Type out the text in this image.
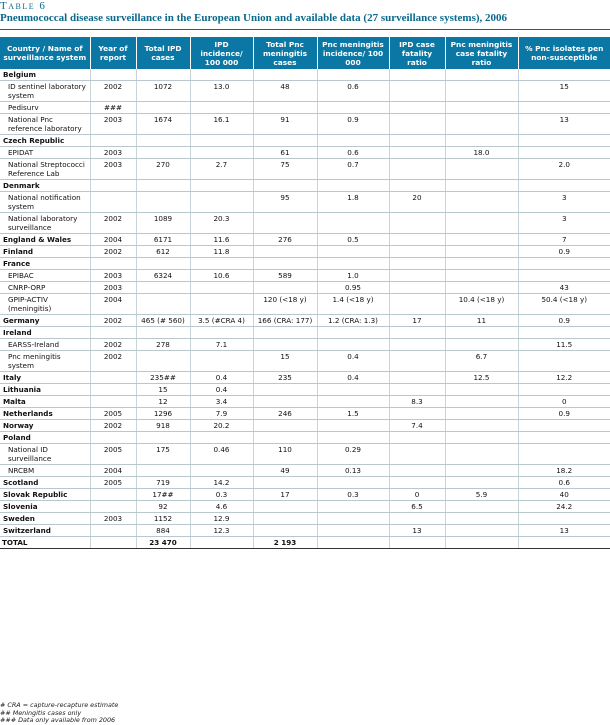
Table 6
Pneumococcal disease surveillance in the European Union and available data (27 surveillance systems), 2006
Country / Name of surveillance system	Year of report	Total IPD cases	IPD incidence/ 100 000	Total Pnc meningitis cases	Pnc meningitis incidence/ 100 000	IPD case fatality ratio	Pnc meningitis case fatality ratio	% Pnc isolates pen non-susceptible
Belgium								
ID sentinel laboratory system	2002	1072	13.0	48	0.6			15
Pedisurv	###							
National Pnc reference laboratory	2003	1674	16.1	91	0.9			13
Czech Republic								
EPIDAT	2003			61	0.6		18.0	
National Streptococci Reference Lab	2003	270	2.7	75	0.7			2.0
Denmark								
National notification system				95	1.8	20		3
National laboratory surveillance	2002	1089	20.3					3
England & Wales	2004	6171	11.6	276	0.5			7
Finland	2002	612	11.8					0.9
France								
EPIBAC	2003	6324	10.6	589	1.0			
CNRP-ORP	2003				0.95			43
GPIP-ACTIV (meningitis)	2004			120 (<18 y)	1.4 (<18 y)		10.4 (<18 y)	50.4 (<18 y)
Germany	2002	465 (# 560)	3.5 (#CRA 4)	166 (CRA: 177)	1.2 (CRA: 1.3)	17	11	0.9
Ireland								
EARSS-Ireland	2002	278	7.1					11.5
Pnc meningitis system	2002			15	0.4		6.7	
Italy		235##	0.4	235	0.4		12.5	12.2
Lithuania		15	0.4					
Malta		12	3.4			8.3		0
Netherlands	2005	1296	7.9	246	1.5			0.9
Norway	2002	918	20.2			7.4		
Poland								
National ID surveillance	2005	175	0.46	110	0.29			
NRCBM	2004			49	0.13			18.2
Scotland	2005	719	14.2					0.6
Slovak Republic		17##	0.3	17	0.3	0	5.9	40
Slovenia		92	4.6			6.5		24.2
Sweden	2003	1152	12.9					
Switzerland		884	12.3			13		13
TOTAL		23 470		2 193				
# CRA = capture-recapture estimate
## Meningitis cases only
### Data only available from 2006
